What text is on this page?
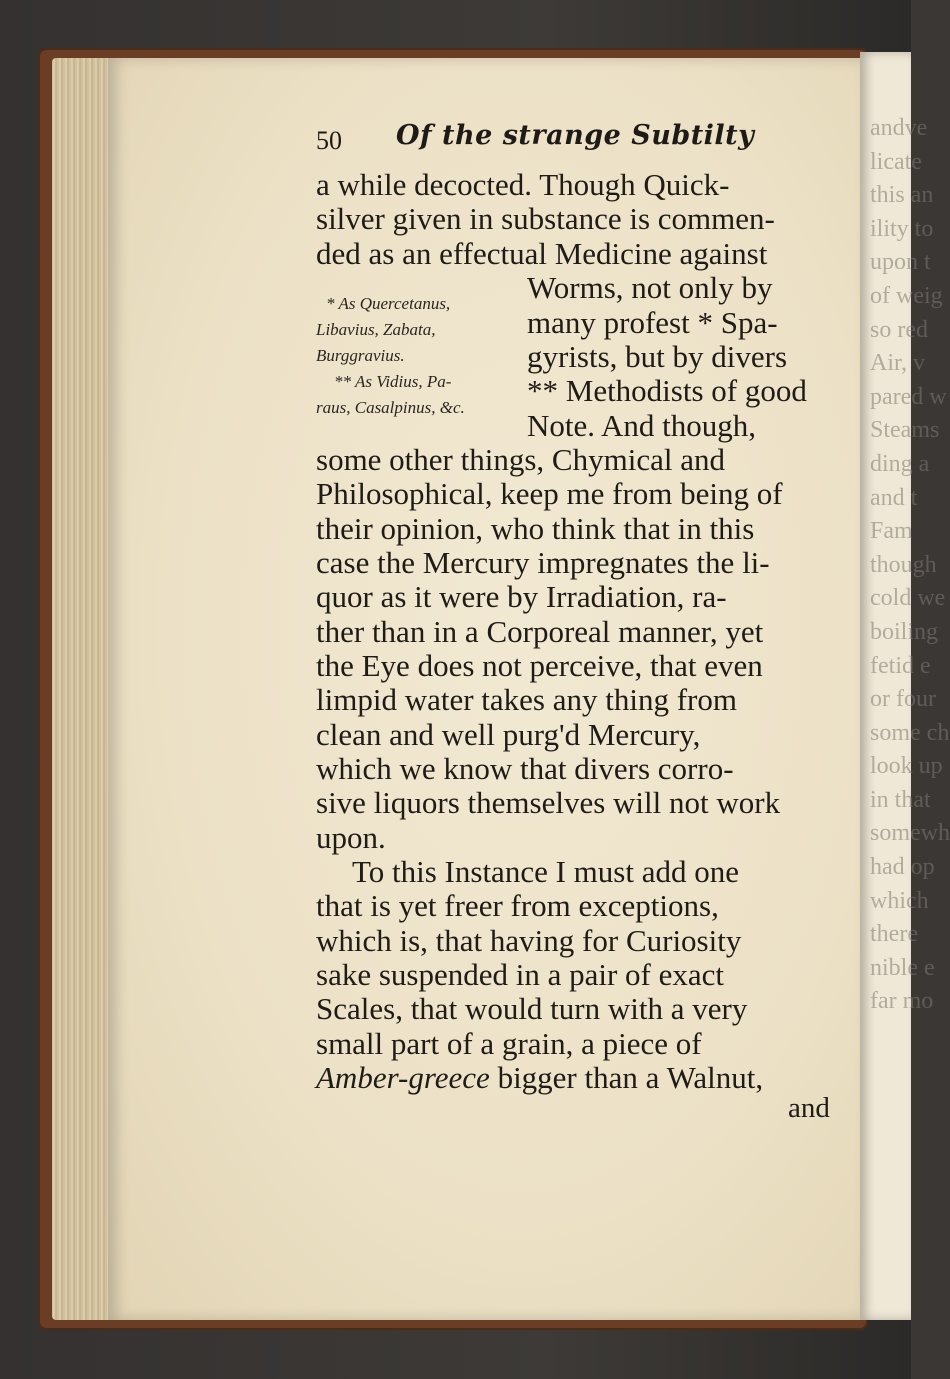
andve
licate
this an
ility to
upon t
of weig
so red
Air, v
pared w
Steams
ding a
and t
Fam
though
cold we
boiling
fetid e
or four
some ch
look up
in that
somewh
had op
which
there
nible e
far mo
50 Of the strange Subtilty
a while decocted. Though Quick-
silver given in substance is commen-
ded as an effectual Medicine against
Worms, not only by
many profest * Spa-
gyrists, but by divers
** Methodists of good
Note. And though,
some other things, Chymical and
Philosophical, keep me from being of
their opinion, who think that in this
case the Mercury impregnates the li-
quor as it were by Irradiation, ra-
ther than in a Corporeal manner, yet
the Eye does not perceive, that even
limpid water takes any thing from
clean and well purg'd Mercury,
which we know that divers corro-
sive liquors themselves will not work
upon.
To this Instance I must add one
that is yet freer from exceptions,
which is, that having for Curiosity
sake suspended in a pair of exact
Scales, that would turn with a very
small part of a grain, a piece of
Amber-greece bigger than a Walnut,
* As Quercetanus,
Libavius, Zabata,
Burggravius.
** As Vidius, Pa-
raus, Casalpinus, &c.
and
